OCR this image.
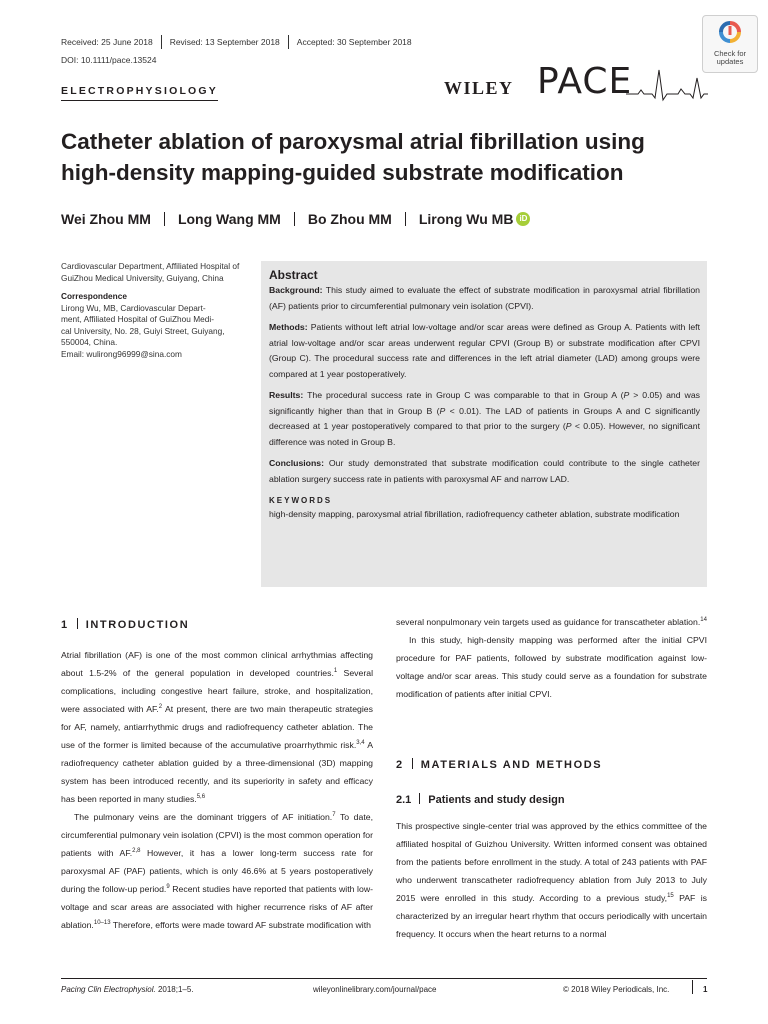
Received: 25 June 2018 Revised: 13 September 2018 Accepted: 30 September 2018
DOI: 10.1111/pace.13524
ELECTROPHYSIOLOGY
Check for
updates
WILEY PACE
Catheter ablation of paroxysmal atrial fibrillation using
high-density mapping-guided substrate modification
Wei Zhou MM Long Wang MM Bo Zhou MM Lirong Wu MB iD
Cardiovascular Department, Affiliated Hospital of GuiZhou Medical University, Guiyang, China
Correspondence
Lirong Wu, MB, Cardiovascular Depart-
ment, Affiliated Hospital of GuiZhou Medi-
cal University, No. 28, Guiyi Street, Guiyang,
550004, China.
Email: wulirong96999@sina.com
Abstract

Background: This study aimed to evaluate the effect of substrate modification in paroxysmal atrial fibrillation (AF) patients prior to circumferential pulmonary vein isolation (CPVI).

Methods: Patients without left atrial low-voltage and/or scar areas were defined as Group A. Patients with left atrial low-voltage and/or scar areas underwent regular CPVI (Group B) or substrate modification after CPVI (Group C). The procedural success rate and differences in the left atrial diameter (LAD) among groups were compared at 1 year postoperatively.

Results: The procedural success rate in Group C was comparable to that in Group A (P > 0.05) and was significantly higher than that in Group B (P < 0.01). The LAD of patients in Groups A and C significantly decreased at 1 year postoperatively compared to that prior to the surgery (P < 0.05). However, no significant difference was noted in Group B.

Conclusions: Our study demonstrated that substrate modification could contribute to the single catheter ablation surgery success rate in patients with paroxysmal AF and narrow LAD.

KEYWORDS
high-density mapping, paroxysmal atrial fibrillation, radiofrequency catheter ablation, substrate modification
1 INTRODUCTION

Atrial fibrillation (AF) is one of the most common clinical arrhythmias affecting about 1.5-2% of the general population in developed countries.$^1$ Several complications, including congestive heart failure, stroke, and hospitalization, were associated with AF.$^2$ At present, there are two main therapeutic strategies for AF, namely, antiarrhythmic drugs and radiofrequency catheter ablation. The use of the former is limited because of the accumulative proarrhythmic risk.$^{3,4}$ A radiofrequency catheter ablation guided by a three-dimensional (3D) mapping system has been introduced recently, and its superiority in safety and efficacy has been reported in many studies.$^{5,6}$

The pulmonary veins are the dominant triggers of AF initiation.$^7$ To date, circumferential pulmonary vein isolation (CPVI) is the most common operation for patients with AF.$^{2,8}$ However, it has a lower long-term success rate for paroxysmal AF (PAF) patients, which is only 46.6% at 5 years postoperatively during the follow-up period.$^9$ Recent studies have reported that patients with low- voltage and scar areas are associated with higher recurrence risks of AF after ablation.$^{10-13}$ Therefore, efforts were made toward AF substrate modification with

several nonpulmonary vein targets used as guidance for transcatheter ablation.$^{14}$

In this study, high-density mapping was performed after the initial CPVI procedure for PAF patients, followed by substrate modification against low-voltage and/or scar areas. This study could serve as a foundation for substrate modification of patients after initial CPVI.

2 MATERIALS AND METHODS
2.1 Patients and study design

This prospective single-center trial was approved by the ethics committee of the affiliated hospital of Guizhou University. Written informed consent was obtained from the patients before enrollment in the study. A total of 243 patients with PAF who underwent transcatheter radiofrequency ablation from July 2013 to July 2015 were enrolled in this study. According to a previous study,$^{15}$ PAF is characterized by an irregular heart rhythm that occurs periodically with uncertain frequency. It occurs when the heart returns to a normal

Pacing Clin Electrophysiol. 2018;1–5.	wileyonlinelibrary.com/journal/pace	© 2018 Wiley Periodicals, Inc.	1
